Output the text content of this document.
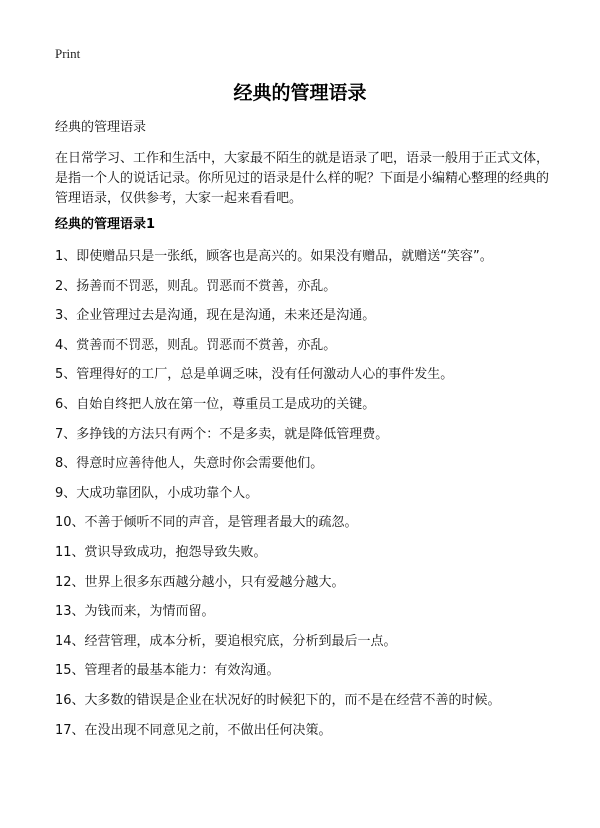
Print
经典的管理语录
经典的管理语录

在日常学习、工作和生活中，大家最不陌生的就是语录了吧，语录一般用于正式文体，是指一个人的说话记录。你所见过的语录是什么样的呢？下面是小编精心整理的经典的管理语录，仅供参考，大家一起来看看吧。

经典的管理语录1
1、即使赠品只是一张纸，顾客也是高兴的。如果没有赠品，就赠送“笑容”。
2、扬善而不罚恶，则乱。罚恶而不赏善，亦乱。
3、企业管理过去是沟通，现在是沟通，未来还是沟通。
4、赏善而不罚恶，则乱。罚恶而不赏善，亦乱。
5、管理得好的工厂，总是单调乏味，没有任何激动人心的事件发生。
6、自始自终把人放在第一位，尊重员工是成功的关键。
7、多挣钱的方法只有两个：不是多卖，就是降低管理费。
8、得意时应善待他人，失意时你会需要他们。
9、大成功靠团队，小成功靠个人。
10、不善于倾听不同的声音，是管理者最大的疏忽。
11、赏识导致成功，抱怨导致失败。
12、世界上很多东西越分越小，只有爱越分越大。
13、为钱而来，为情而留。
14、经营管理，成本分析，要追根究底，分析到最后一点。
15、管理者的最基本能力：有效沟通。
16、大多数的错误是企业在状况好的时候犯下的，而不是在经营不善的时候。
17、在没出现不同意见之前，不做出任何决策。
